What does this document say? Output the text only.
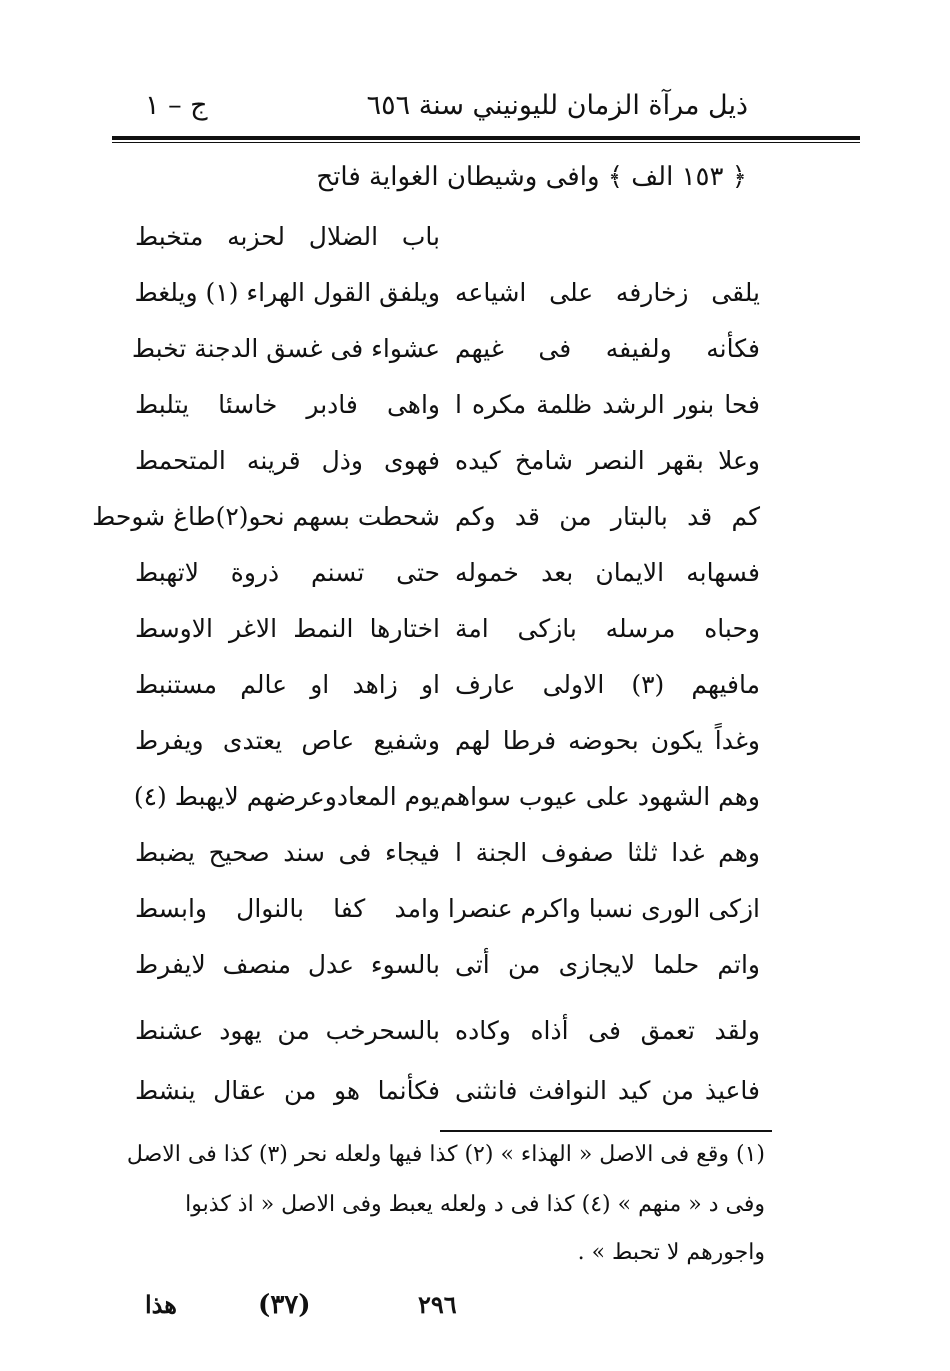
ذيل مرآة الزمان لليونيني سنة ٦٥٦
ج – ١
﴿ ١٥٣ الف ﴾ وافى وشيطان الغواية فاتح
باب الضلال لحزبه متخبط
يلقى زخارفه على اشياعه
ويلفق القول الهراء (١) ويلغط
فكأنه ولفيفه فى غيهم
عشواء فى غسق الدجنة تخبط
فحا بنور الرشد ظلمة مكره ا
واهى فادبر خاسئا يتلبط
وعلا بقهر النصر شامخ كيده
فهوى وذل قرينه المتحمط
كم قد بالبتار من قد وكم
شحطت بسهم نحو(٢)طاغ شوحط
فسهابه الايمان بعد خموله
حتى تسنم ذروة لاتهبط
وحباه مرسله بازكى امة
اختارها النمط الاغر الاوسط
مافيهم (٣) الاولى عارف
او زاهد او عالم مستنبط
وغداً يكون بحوضه فرطا لهم
وشفيع عاص يعتدى ويفرط
وهم الشهود على عيوب سواهم
يوم المعادوعرضهم لايهبط (٤)
وهم غدا ثلثا صفوف الجنة ا
فيجاء فى سند صحيح يضبط
ازكى الورى نسبا واكرم عنصرا
وامد كفا بالنوال وابسط
واتم حلما لايجازى من أتى
بالسوء عدل منصف لايفرط
ولقد تعمق فى أذاه وكاده
بالسحرخب من يهود عشنط
فاعيذ من كيد النوافث فانثنى
فكأنما هو من عقال ينشط
(١) وقع فى الاصل « الهذاء » (٢) كذا فيها ولعله نحر (٣) كذا فى الاصل
وفى د « منهم » (٤) كذا فى د ولعله يعبط وفى الاصل « اذ كذبوا
واجورهم لا تحبط » .
هذا	(٣٧)	٢٩٦
